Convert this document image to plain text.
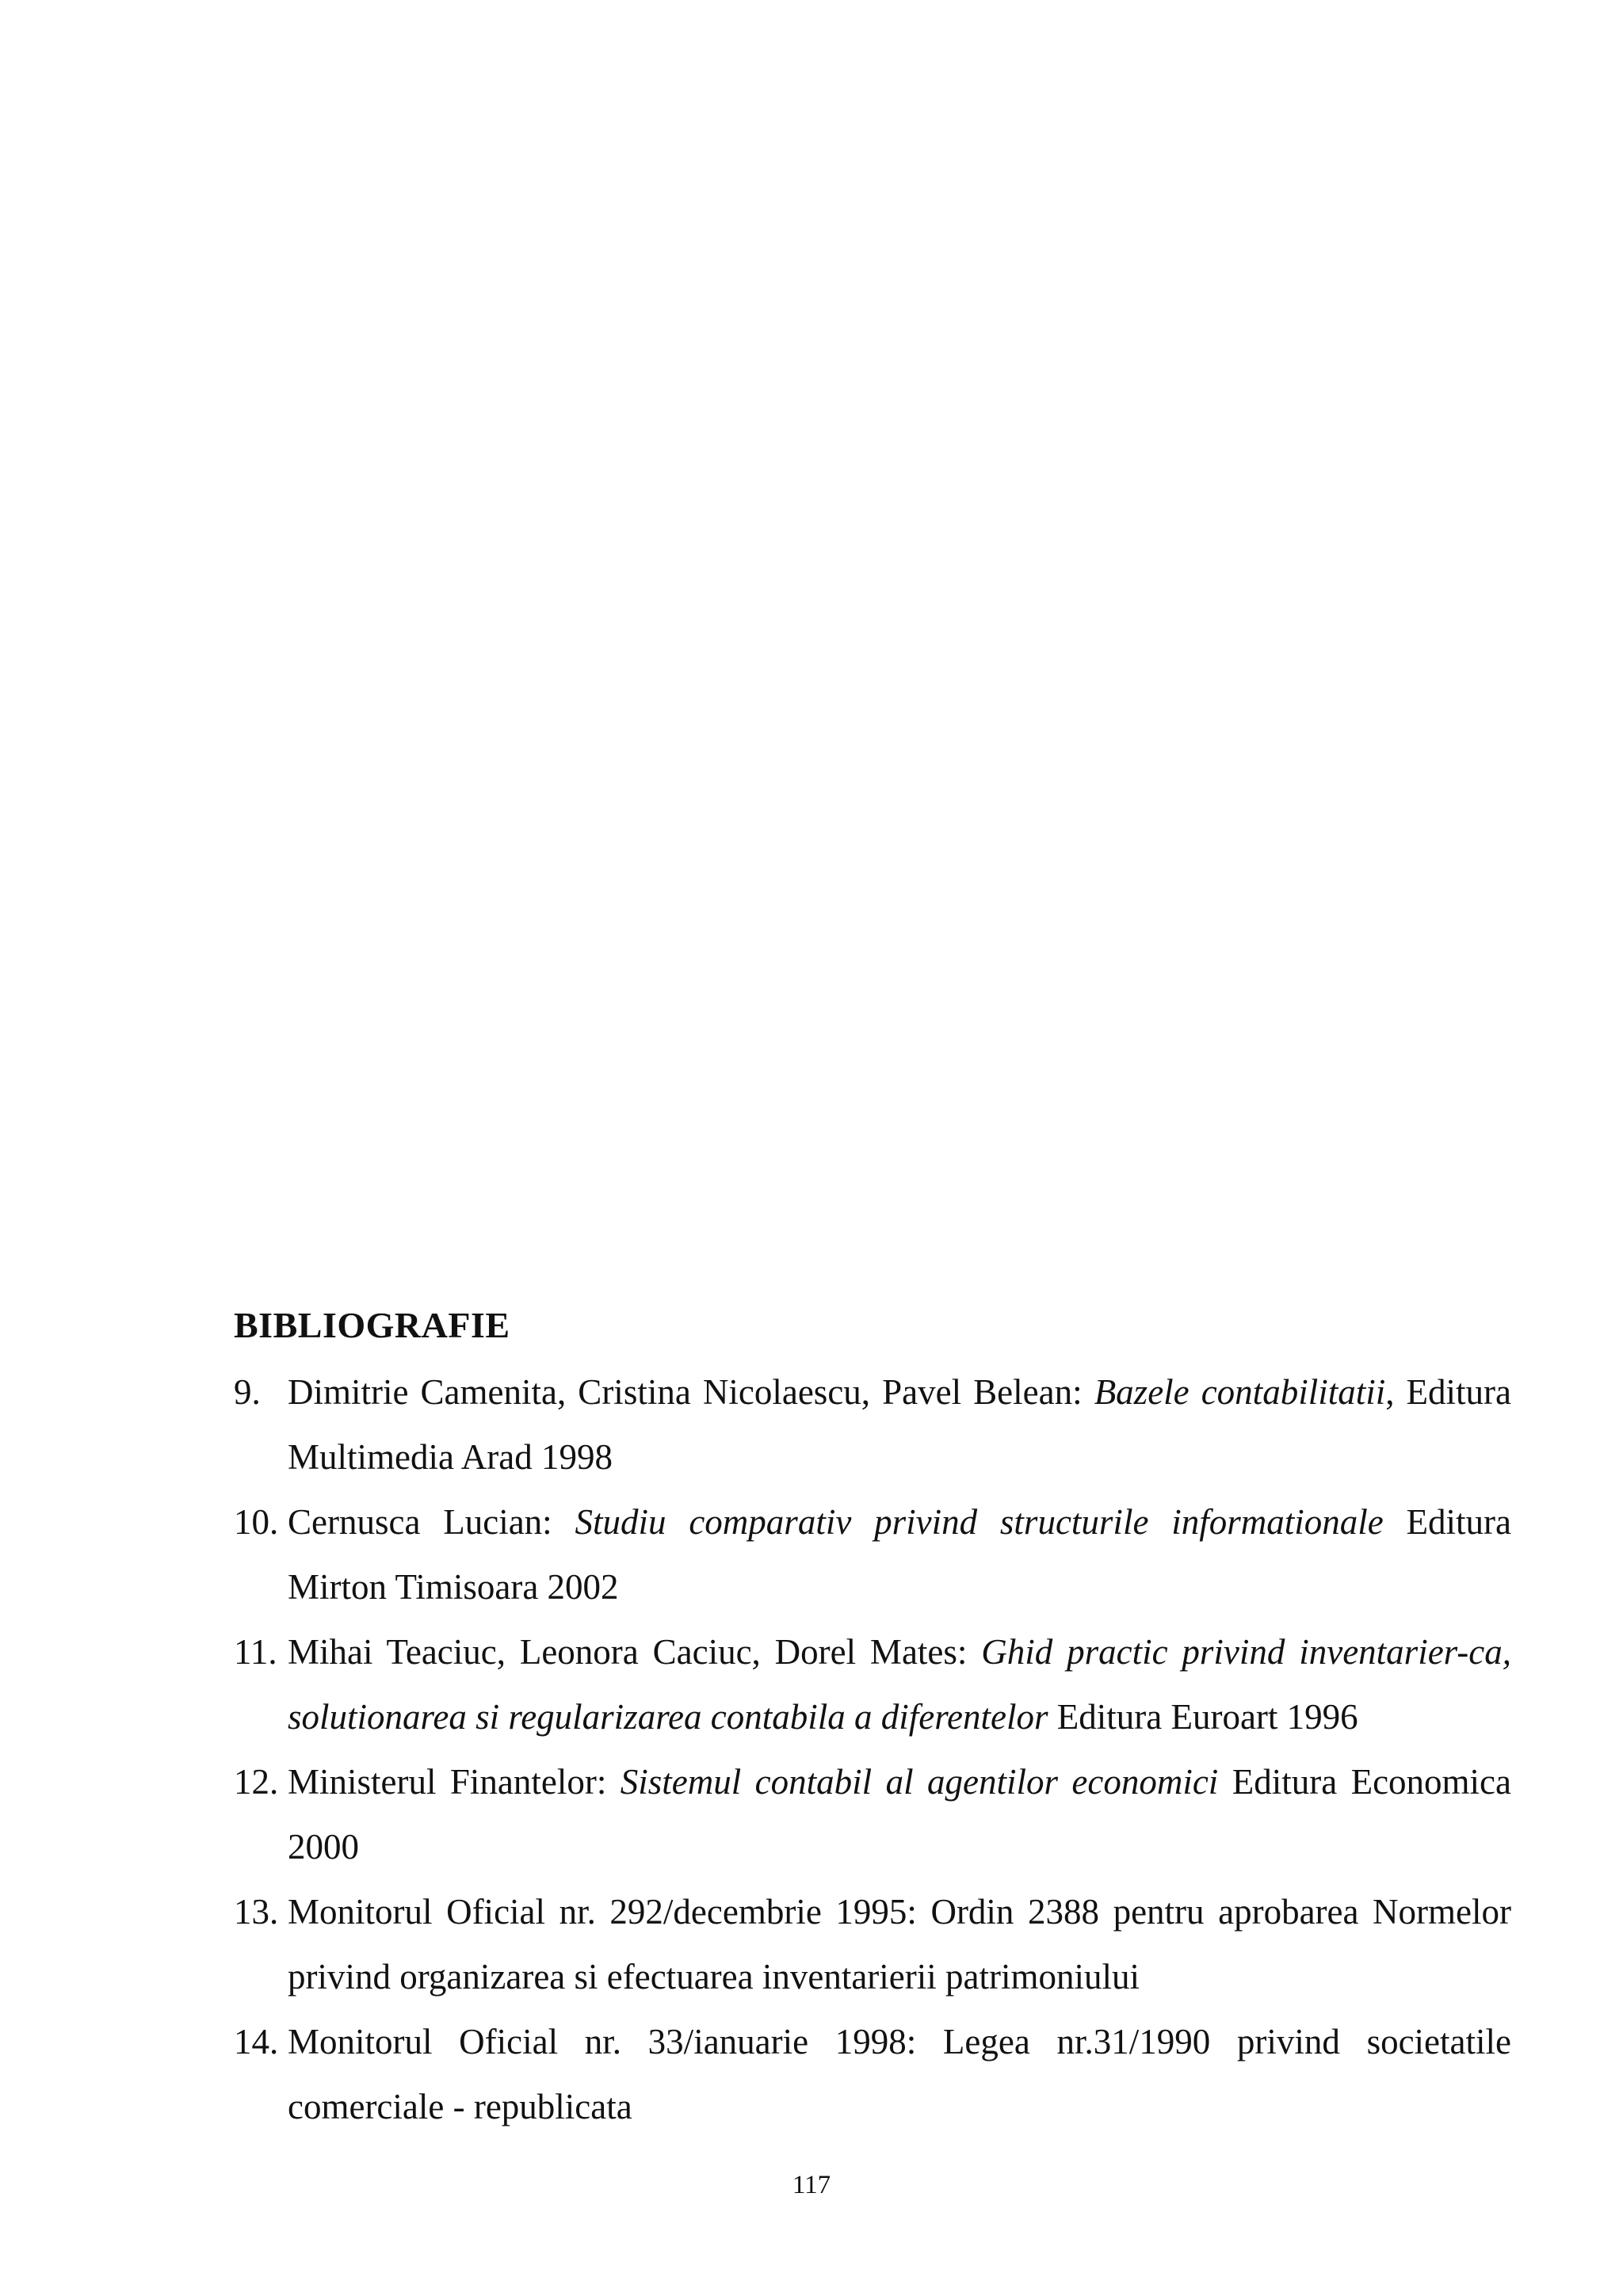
BIBLIOGRAFIE
9. Dimitrie Camenita, Cristina Nicolaescu, Pavel Belean: Bazele contabilitatii, Editura Multimedia Arad 1998
10. Cernusca Lucian: Studiu comparativ privind structurile informationale Editura Mirton Timisoara 2002
11. Mihai Teaciuc, Leonora Caciuc, Dorel Mates: Ghid practic privind inventarier-ca, solutionarea si regularizarea contabila a diferentelor Editura Euroart 1996
12. Ministerul Finantelor: Sistemul contabil al agentilor economici Editura Economica 2000
13. Monitorul Oficial nr. 292/decembrie 1995: Ordin 2388 pentru aprobarea Normelor privind organizarea si efectuarea inventarierii patrimoniului
14. Monitorul Oficial nr. 33/ianuarie 1998: Legea nr.31/1990 privind societatile comerciale - republicata
117
